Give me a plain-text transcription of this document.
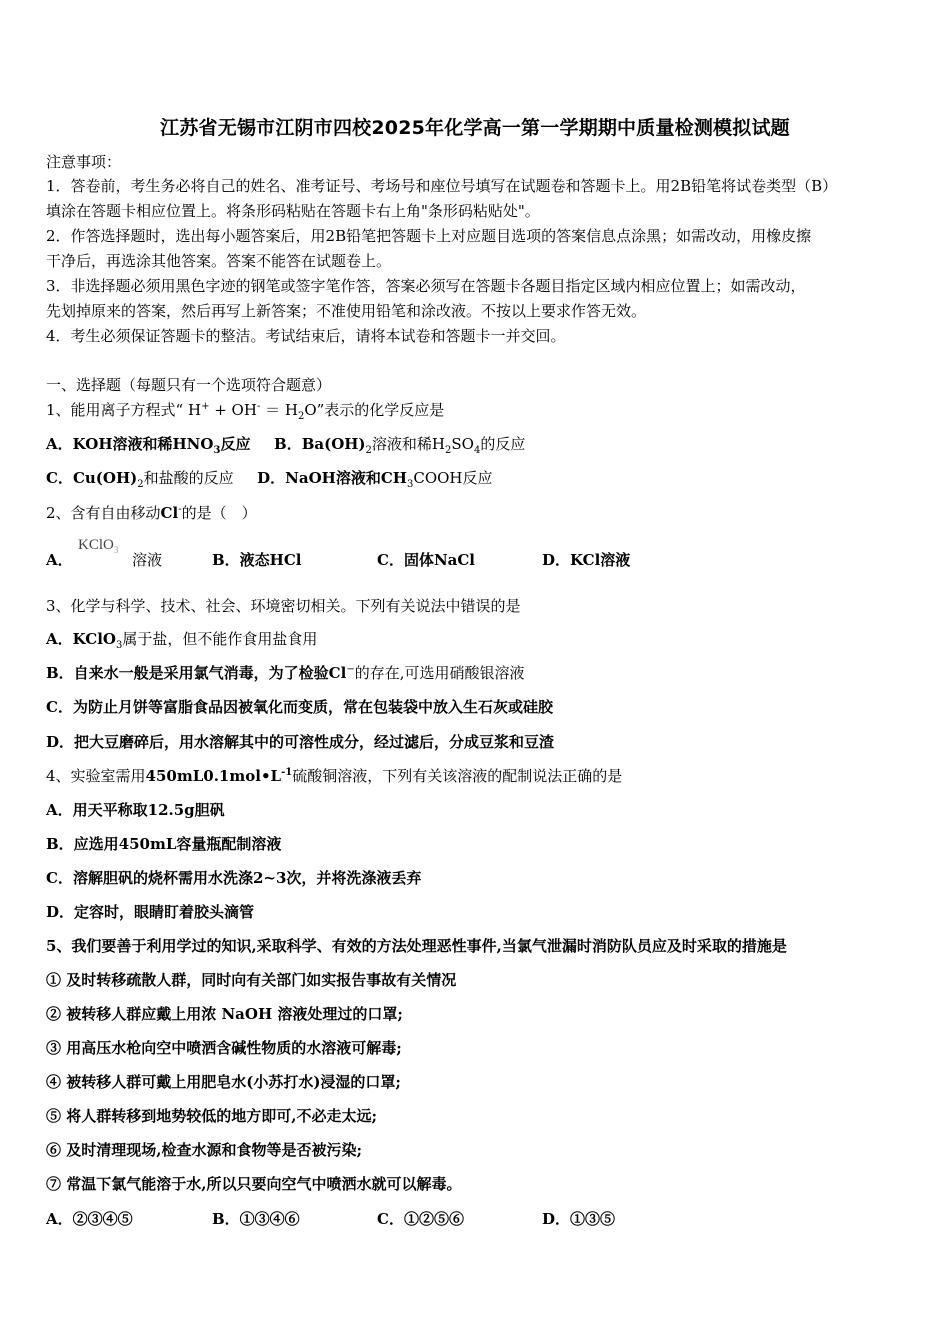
江苏省无锡市江阴市四校2025年化学高一第一学期期中质量检测模拟试题
注意事项：
1．答卷前，考生务必将自己的姓名、准考证号、考场号和座位号填写在试题卷和答题卡上。用2B铅笔将试卷类型（B）
填涂在答题卡相应位置上。将条形码粘贴在答题卡右上角"条形码粘贴处"。
2．作答选择题时，选出每小题答案后，用2B铅笔把答题卡上对应题目选项的答案信息点涂黑；如需改动，用橡皮擦
干净后，再选涂其他答案。答案不能答在试题卷上。
3．非选择题必须用黑色字迹的钢笔或签字笔作答，答案必须写在答题卡各题目指定区域内相应位置上；如需改动，
先划掉原来的答案，然后再写上新答案；不准使用铅笔和涂改液。不按以上要求作答无效。
4．考生必须保证答题卡的整洁。考试结束后，请将本试卷和答题卡一并交回。
一、选择题（每题只有一个选项符合题意）
1、能用离子方程式“ $H^+ + OH^- = H_2O$”表示的化学反应是
A．KOH溶液和稀$HNO_3$反应 B．$Ba(OH)_2$溶液和稀$H_2SO_4$的反应
C．$Cu(OH)_2$和盐酸的反应 D．NaOH溶液和$CH_3COOH$反应
2、含有自由移动Cl-的是（　）
A．
KClO$_3$
溶液	B．液态HCl	C．固体NaCl	D．KCl溶液
3、化学与科学、技术、社会、环境密切相关。下列有关说法中错误的是
A．KClO$_3$属于盐，但不能作食用盐食用
B．自来水一般是采用氯气消毒，为了检验Cl−的存在,可选用硝酸银溶液
C．为防止月饼等富脂食品因被氧化而变质，常在包装袋中放入生石灰或硅胶
D．把大豆磨碎后，用水溶解其中的可溶性成分，经过滤后，分成豆浆和豆渣
4、实验室需用$450mL0.1mol•L^{-1}$硫酸铜溶液，下列有关该溶液的配制说法正确的是
A．用天平称取12.5g胆矾
B．应选用450mL容量瓶配制溶液
C．溶解胆矾的烧杯需用水洗涤2~3次，并将洗涤液丢弃
D．定容时，眼睛盯着胶头滴管
5、我们要善于利用学过的知识,采取科学、有效的方法处理恶性事件,当氯气泄漏时消防队员应及时采取的措施是
① 及时转移疏散人群，同时向有关部门如实报告事故有关情况
② 被转移人群应戴上用浓 NaOH 溶液处理过的口罩;
③ 用高压水枪向空中喷洒含碱性物质的水溶液可解毒;
④ 被转移人群可戴上用肥皂水(小苏打水)浸湿的口罩;
⑤ 将人群转移到地势较低的地方即可,不必走太远;
⑥ 及时清理现场,检查水源和食物等是否被污染;
⑦ 常温下氯气能溶于水,所以只要向空气中喷洒水就可以解毒。
A．②③④⑤	B．①③④⑥	C．①②⑤⑥	D．①③⑤
